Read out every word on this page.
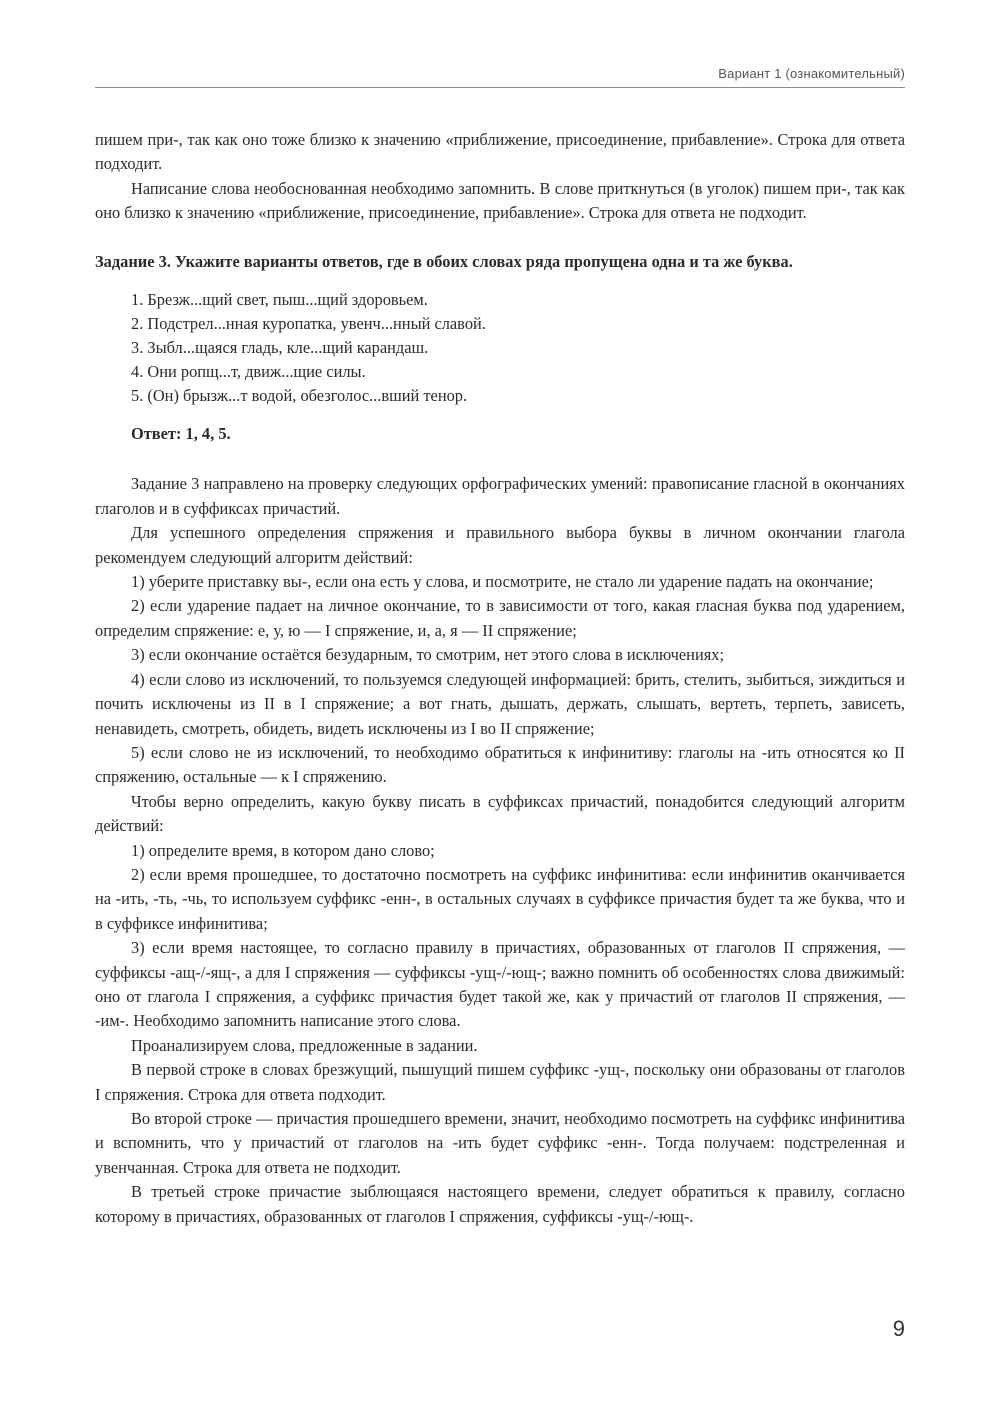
Вариант 1 (ознакомительный)

пишем при-, так как оно тоже близко к значению «приближение, присоединение, прибавление». Строка для ответа подходит.

Написание слова необоснованная необходимо запомнить. В слове приткнуться (в уголок) пишем при-, так как оно близко к значению «приближение, присоединение, прибавление». Строка для ответа не подходит.

Задание 3. Укажите варианты ответов, где в обоих словах ряда пропущена одна и та же буква.

1. Брезж...щий свет, пыш...щий здоровьем.
2. Подстрел...нная куропатка, увенч...нный славой.
3. Зыбл...щаяся гладь, кле...щий карандаш.
4. Они ропщ...т, движ...щие силы.
5. (Он) брызж...т водой, обезголос...вший тенор.

Ответ: 1, 4, 5.

Задание 3 направлено на проверку следующих орфографических умений: правописание гласной в окончаниях глаголов и в суффиксах причастий.

Для успешного определения спряжения и правильного выбора буквы в личном окончании глагола рекомендуем следующий алгоритм действий:

1) уберите приставку вы-, если она есть у слова, и посмотрите, не стало ли ударение падать на окончание;

2) если ударение падает на личное окончание, то в зависимости от того, какая гласная буква под ударением, определим спряжение: е, у, ю — I спряжение, и, а, я — II спряжение;

3) если окончание остаётся безударным, то смотрим, нет этого слова в исключениях;

4) если слово из исключений, то пользуемся следующей информацией: брить, стелить, зыбиться, зиждиться и почить исключены из II в I спряжение; а вот гнать, дышать, держать, слышать, вертеть, терпеть, зависеть, ненавидеть, смотреть, обидеть, видеть исключены из I во II спряжение;

5) если слово не из исключений, то необходимо обратиться к инфинитиву: глаголы на -ить относятся ко II спряжению, остальные — к I спряжению.

Чтобы верно определить, какую букву писать в суффиксах причастий, понадобится следующий алгоритм действий:

1) определите время, в котором дано слово;

2) если время прошедшее, то достаточно посмотреть на суффикс инфинитива: если инфинитив оканчивается на -ить, -ть, -чь, то используем суффикс -енн-, в остальных случаях в суффиксе причастия будет та же буква, что и в суффиксе инфинитива;

3) если время настоящее, то согласно правилу в причастиях, образованных от глаголов II спряжения, — суффиксы -ащ-/-ящ-, а для I спряжения — суффиксы -ущ-/-ющ-; важно помнить об особенностях слова движимый: оно от глагола I спряжения, а суффикс причастия будет такой же, как у причастий от глаголов II спряжения, — -им-. Необходимо запомнить написание этого слова.

Проанализируем слова, предложенные в задании.

В первой строке в словах брезжущий, пышущий пишем суффикс -ущ-, поскольку они образованы от глаголов I спряжения. Строка для ответа подходит.

Во второй строке — причастия прошедшего времени, значит, необходимо посмотреть на суффикс инфинитива и вспомнить, что у причастий от глаголов на -ить будет суффикс -енн-. Тогда получаем: подстреленная и увенчанная. Строка для ответа не подходит.

В третьей строке причастие зыблющаяся настоящего времени, следует обратиться к правилу, согласно которому в причастиях, образованных от глаголов I спряжения, суффиксы -ущ-/-ющ-.

9
